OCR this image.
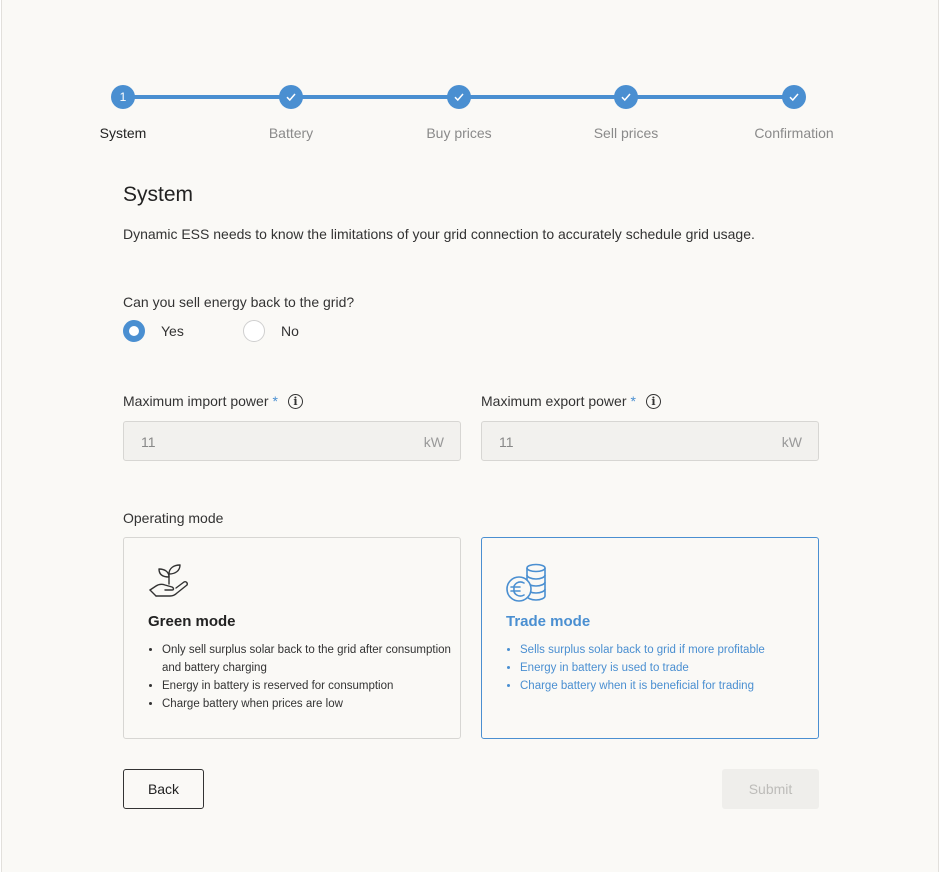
1
System	Battery	Buy prices	Sell prices	Confirmation
System
Dynamic ESS needs to know the limitations of your grid connection to accurately schedule grid usage.
Can you sell energy back to the grid?
Yes	No
Maximum import power *	i	Maximum export power *	i
11	kW	11	kW
Operating mode
Green mode
• Only sell surplus solar back to the grid after consumption and battery charging
• Energy in battery is reserved for consumption
• Charge battery when prices are low
Trade mode
• Sells surplus solar back to grid if more profitable
• Energy in battery is used to trade
• Charge battery when it is beneficial for trading
Back	Submit
